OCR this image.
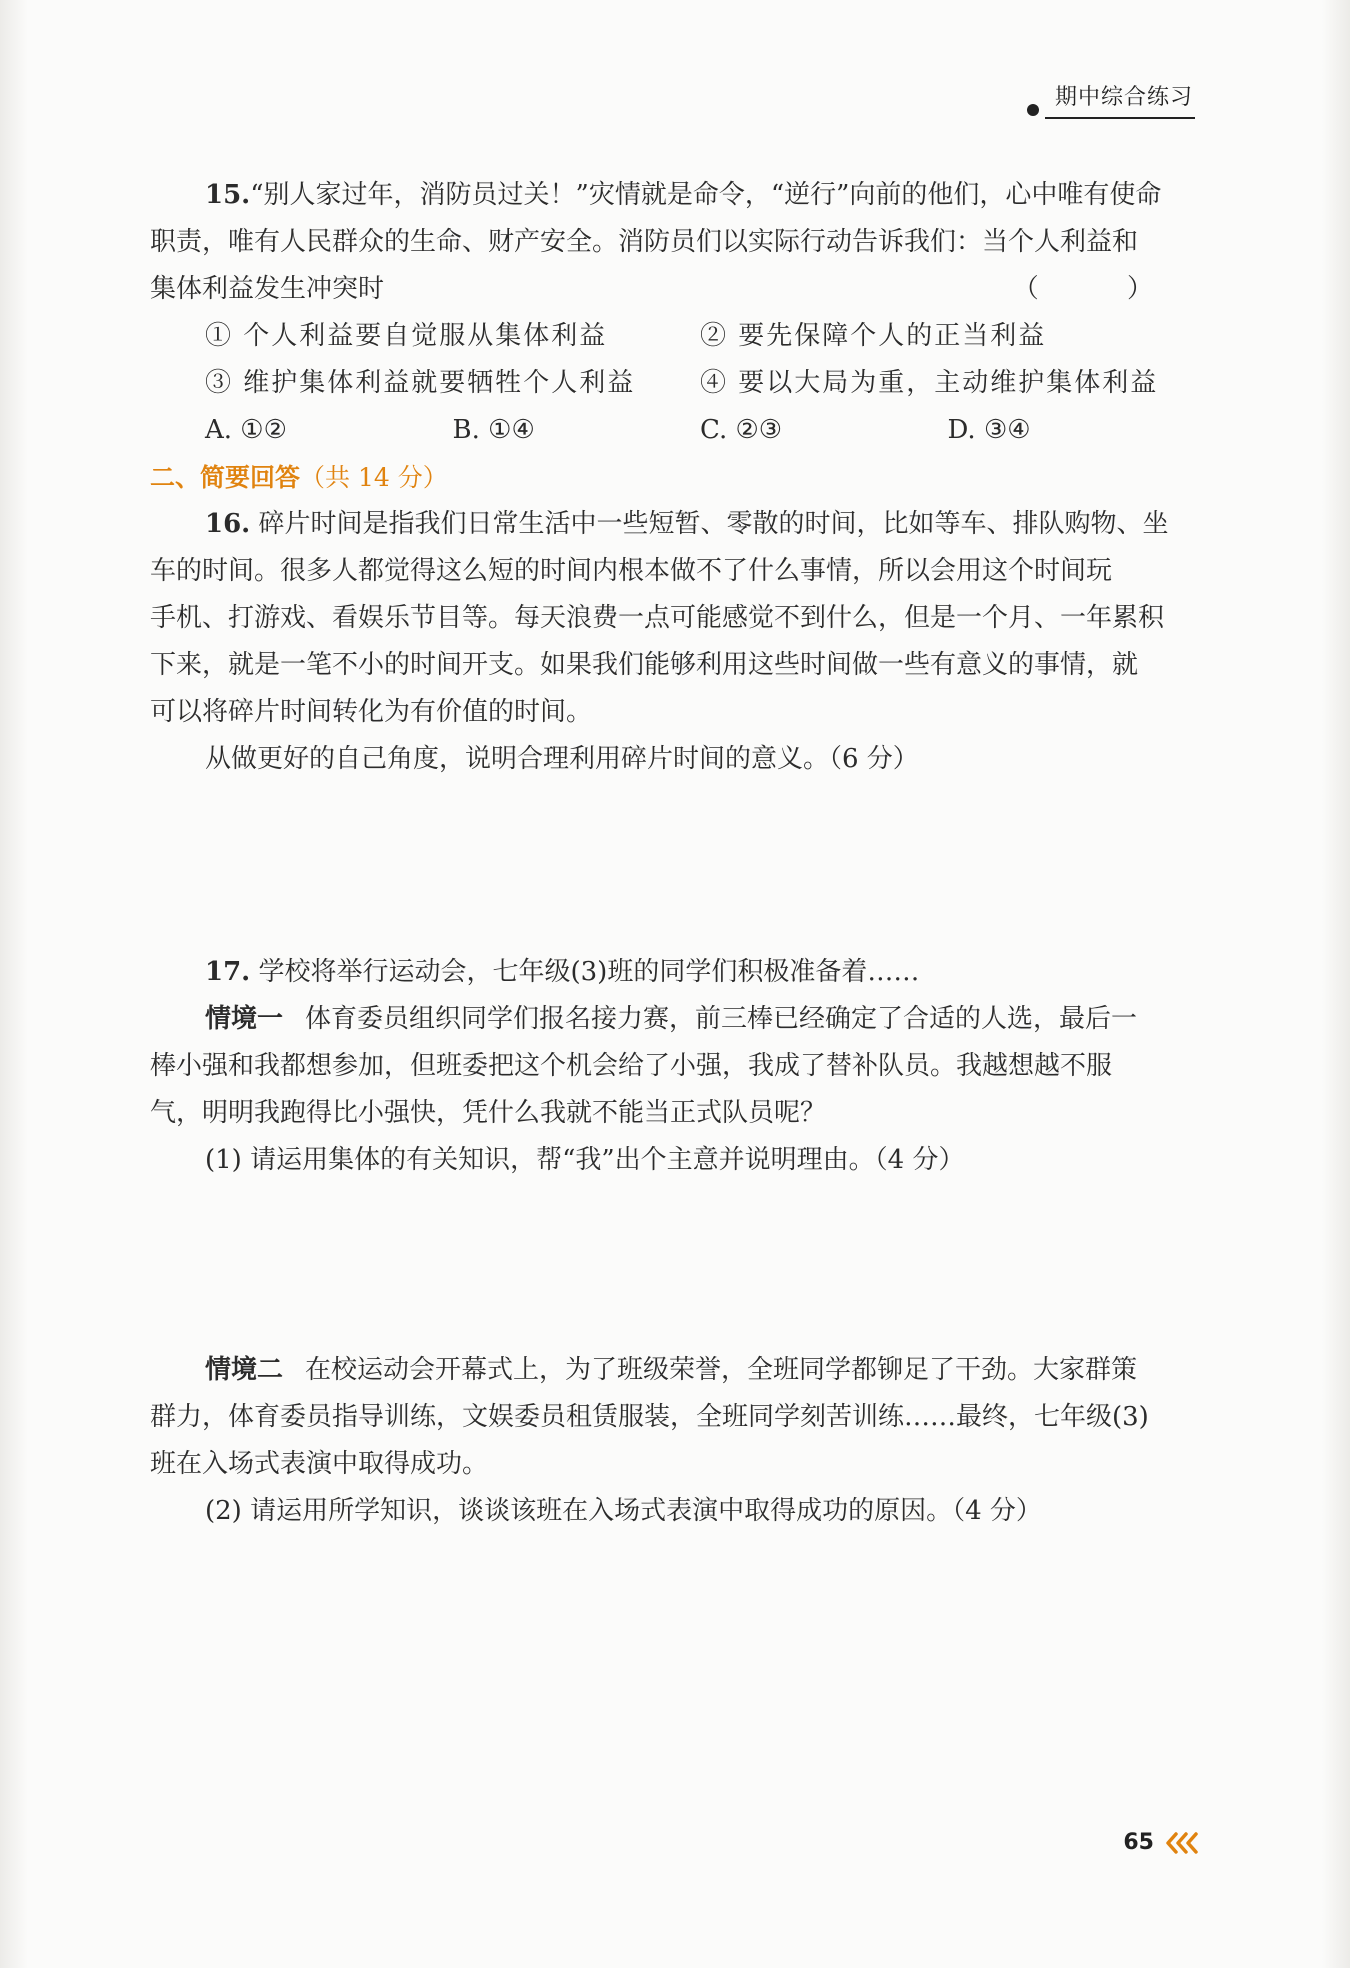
期中综合练习

15.“别人家过年，消防员过关！”灾情就是命令，“逆行”向前的他们，心中唯有使命

职责，唯有人民群众的生命、财产安全。消防员们以实际行动告诉我们：当个人利益和

集体利益发生冲突时	（ ）
① 个人利益要自觉服从集体利益	② 要先保障个人的正当利益
③ 维护集体利益就要牺牲个人利益	④ 要以大局为重，主动维护集体利益
A. ①②	B. ①④	C. ②③	D. ③④
二、简要回答（共 14 分）

16. 碎片时间是指我们日常生活中一些短暂、零散的时间，比如等车、排队购物、坐

车的时间。很多人都觉得这么短的时间内根本做不了什么事情，所以会用这个时间玩

手机、打游戏、看娱乐节目等。每天浪费一点可能感觉不到什么，但是一个月、一年累积

下来，就是一笔不小的时间开支。如果我们能够利用这些时间做一些有意义的事情，就

可以将碎片时间转化为有价值的时间。

从做更好的自己角度，说明合理利用碎片时间的意义。（6 分）

17. 学校将举行运动会，七年级(3)班的同学们积极准备着……

情境一 体育委员组织同学们报名接力赛，前三棒已经确定了合适的人选，最后一

棒小强和我都想参加，但班委把这个机会给了小强，我成了替补队员。我越想越不服

气，明明我跑得比小强快，凭什么我就不能当正式队员呢？

(1) 请运用集体的有关知识，帮“我”出个主意并说明理由。（4 分）

情境二 在校运动会开幕式上，为了班级荣誉，全班同学都铆足了干劲。大家群策

群力，体育委员指导训练，文娱委员租赁服装，全班同学刻苦训练……最终，七年级(3)

班在入场式表演中取得成功。

(2) 请运用所学知识，谈谈该班在入场式表演中取得成功的原因。（4 分）

65
